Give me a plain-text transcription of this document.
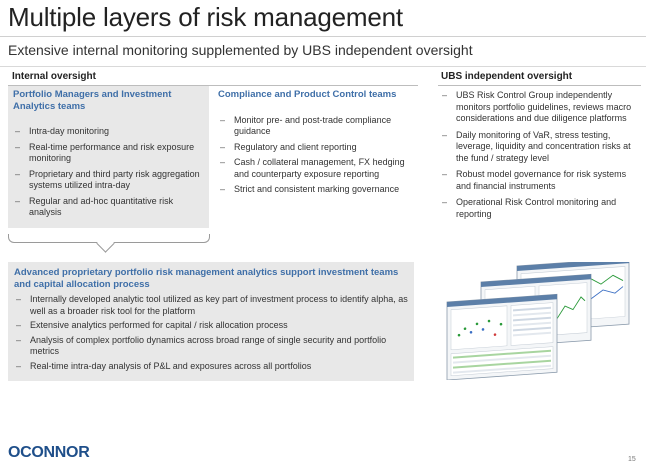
Multiple layers of risk management
Extensive internal monitoring supplemented by UBS independent oversight
Internal oversight	UBS independent oversight
Portfolio Managers and Investment Analytics teams
– Intra-day monitoring
– Real-time performance and risk exposure monitoring
– Proprietary and third party risk aggregation systems utilized intra-day
– Regular and ad-hoc quantitative risk analysis
Compliance and Product Control teams
– Monitor pre- and post-trade compliance guidance
– Regulatory and client reporting
– Cash / collateral management, FX hedging and counterparty exposure reporting
– Strict and consistent marking governance
– UBS Risk Control Group independently monitors portfolio guidelines, reviews macro considerations and due diligence platforms
– Daily monitoring of VaR, stress testing, leverage, liquidity and concentration risks at the fund / strategy level
– Robust model governance for risk systems and financial instruments
– Operational Risk Control monitoring and reporting
Advanced proprietary portfolio risk management analytics support investment teams and capital allocation process
– Internally developed analytic tool utilized as key part of investment process to identify alpha, as well as a broader risk tool for the platform
– Extensive analytics performed for capital / risk allocation process
– Analysis of complex portfolio dynamics across broad range of single security and portfolio metrics
– Real-time intra-day analysis of P&L and exposures across all portfolios
OCONNOR	15
